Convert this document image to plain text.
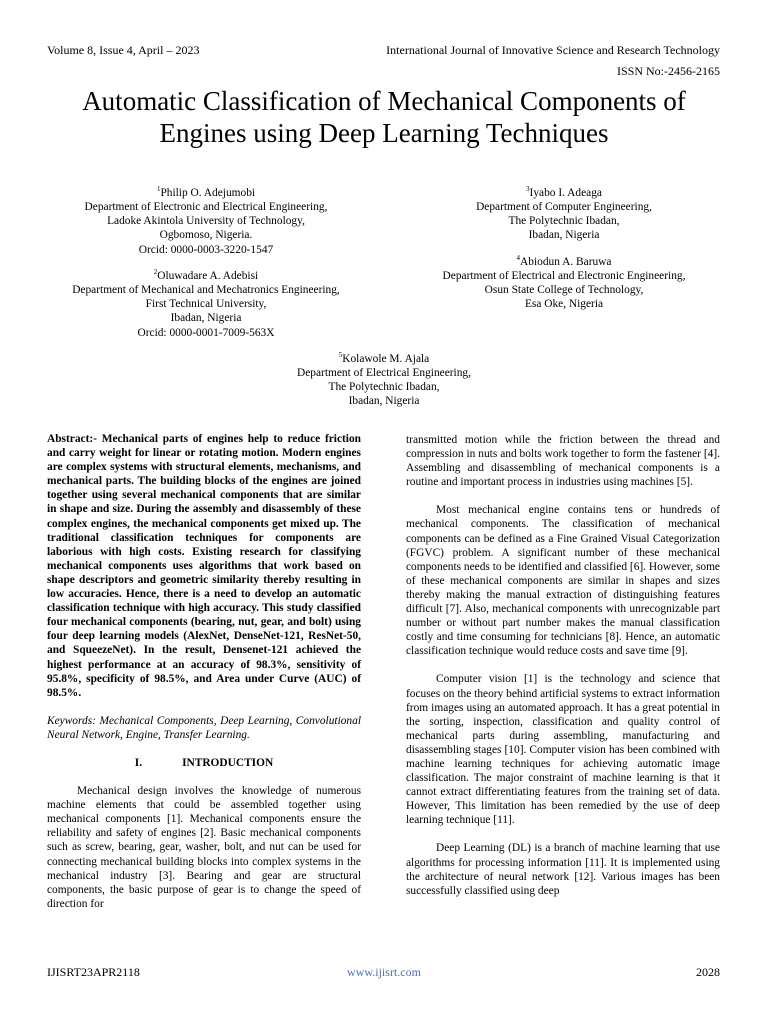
Volume 8, Issue 4, April – 2023	International Journal of Innovative Science and Research Technology
ISSN No:-2456-2165
Automatic Classification of Mechanical Components of Engines using Deep Learning Techniques
$^1$Philip O. Adejumobi
Department of Electronic and Electrical Engineering,
Ladoke Akintola University of Technology,
Ogbomoso, Nigeria.
Orcid: 0000-0003-3220-1547
$^2$Oluwadare A. Adebisi
Department of Mechanical and Mechatronics Engineering,
First Technical University,
Ibadan, Nigeria
Orcid: 0000-0001-7009-563X
$^3$Iyabo I. Adeaga
Department of Computer Engineering,
The Polytechnic Ibadan,
Ibadan, Nigeria
$^4$Abiodun A. Baruwa
Department of Electrical and Electronic Engineering,
Osun State College of Technology,
Esa Oke, Nigeria
$^5$Kolawole M. Ajala
Department of Electrical Engineering,
The Polytechnic Ibadan,
Ibadan, Nigeria

Abstract:- Mechanical parts of engines help to reduce friction and carry weight for linear or rotating motion. Modern engines are complex systems with structural elements, mechanisms, and mechanical parts. The building blocks of the engines are joined together using several mechanical components that are similar in shape and size. During the assembly and disassembly of these complex engines, the mechanical components get mixed up. The traditional classification techniques for components are laborious with high costs. Existing research for classifying mechanical components uses algorithms that work based on shape descriptors and geometric similarity thereby resulting in low accuracies. Hence, there is a need to develop an automatic classification technique with high accuracy. This study classified four mechanical components (bearing, nut, gear, and bolt) using four deep learning models (AlexNet, DenseNet-121, ResNet-50, and SqueezeNet). In the result, Densenet-121 achieved the highest performance at an accuracy of 98.3%, sensitivity of 95.8%, specificity of 98.5%, and Area under Curve (AUC) of 98.5%.

Keywords: Mechanical Components, Deep Learning, Convolutional Neural Network, Engine, Transfer Learning.

I.	INTRODUCTION

Mechanical design involves the knowledge of numerous machine elements that could be assembled together using mechanical components [1]. Mechanical components ensure the reliability and safety of engines [2]. Basic mechanical components such as screw, bearing, gear, washer, bolt, and nut can be used for connecting mechanical building blocks into complex systems in the mechanical industry [3]. Bearing and gear are structural components, the basic purpose of gear is to change the speed of direction for

transmitted motion while the friction between the thread and compression in nuts and bolts work together to form the fastener [4]. Assembling and disassembling of mechanical components is a routine and important process in industries using machines [5].

Most mechanical engine contains tens or hundreds of mechanical components. The classification of mechanical components can be defined as a Fine Grained Visual Categorization (FGVC) problem. A significant number of these mechanical components needs to be identified and classified [6]. However, some of these mechanical components are similar in shapes and sizes thereby making the manual extraction of distinguishing features difficult [7]. Also, mechanical components with unrecognizable part number or without part number makes the manual classification costly and time consuming for technicians [8]. Hence, an automatic classification technique would reduce costs and save time [9].

Computer vision [1] is the technology and science that focuses on the theory behind artificial systems to extract information from images using an automated approach. It has a great potential in the sorting, inspection, classification and quality control of mechanical parts during assembling, manufacturing and disassembling stages [10]. Computer vision has been combined with machine learning techniques for achieving automatic image classification. The major constraint of machine learning is that it cannot extract differentiating features from the training set of data. However, This limitation has been remedied by the use of deep learning technique [11].

Deep Learning (DL) is a branch of machine learning that use algorithms for processing information [11]. It is implemented using the architecture of neural network [12]. Various images has been successfully classified using deep

IJISRT23APR2118	www.ijisrt.com	2028
